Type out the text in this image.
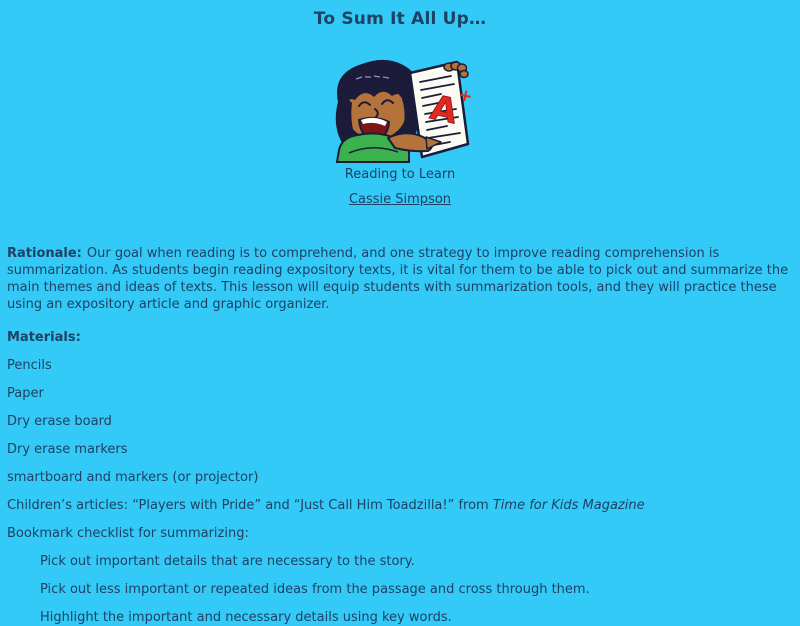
To Sum It All Up…

A
+

Reading to Learn

Cassie Simpson

Rationale: Our goal when reading is to comprehend, and one strategy to improve reading comprehension is summarization. As students begin reading expository texts, it is vital for them to be able to pick out and summarize the main themes and ideas of texts. This lesson will equip students with summarization tools, and they will practice these using an expository article and graphic organizer.

Materials:

Pencils

Paper

Dry erase board

Dry erase markers

smartboard and markers (or projector)

Children’s articles: “Players with Pride” and “Just Call Him Toadzilla!” from Time for Kids Magazine

Bookmark checklist for summarizing:

Pick out important details that are necessary to the story.

Pick out less important or repeated ideas from the passage and cross through them.

Highlight the important and necessary details using key words.
